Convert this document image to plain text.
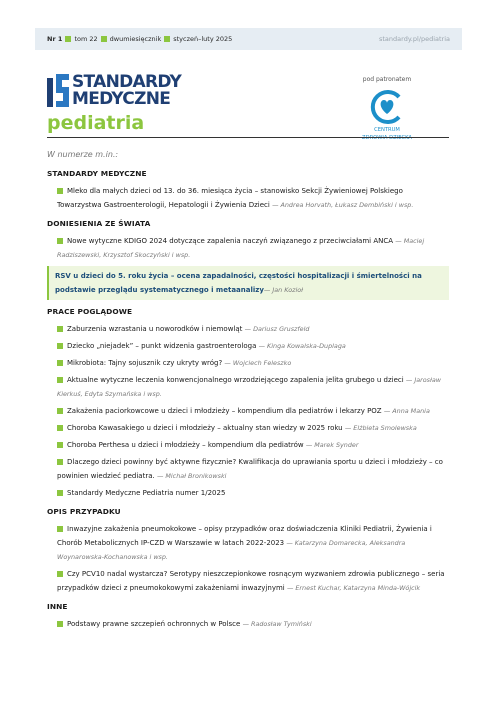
Nr 1 tom 22 dwumiesięcznik styczeń–luty 2025	standardy.pl/pediatria
STANDARDY
MEDYCZNE
pediatria
pod patronatem
CENTRUM
W numerze m.in.:
STANDARDY MEDYCZNE
Mleko dla małych dzieci od 13. do 36. miesiąca życia – stanowisko Sekcji Żywieniowej Polskiego Towarzystwa Gastroenterologii, Hepatologii i Żywienia Dzieci — Andrea Horvath, Łukasz Dembiński i wsp.
DONIESIENIA ZE ŚWIATA
Nowe wytyczne KDIGO 2024 dotyczące zapalenia naczyń związanego z przeciwciałami ANCA — Maciej Radziszewski, Krzysztof Skoczyński i wsp.
RSV u dzieci do 5. roku życia – ocena zapadalności, częstości hospitalizacji i śmiertelności na podstawie przeglądu systematycznego i metaanalizy— Jan Kozioł
PRACE POGLĄDOWE
Zaburzenia wzrastania u noworodków i niemowląt — Dariusz Gruszfeld
Dziecko „niejadek” – punkt widzenia gastroenterologa — Kinga Kowalska-Duplaga
Mikrobiota: Tajny sojusznik czy ukryty wróg? — Wojciech Feleszko
Aktualne wytyczne leczenia konwencjonalnego wrzodziejącego zapalenia jelita grubego u dzieci — Jarosław Kierkuś, Edyta Szymańska i wsp.
Zakażenia paciorkowcowe u dzieci i młodzieży – kompendium dla pediatrów i lekarzy POZ — Anna Mania
Choroba Kawasakiego u dzieci i młodzieży – aktualny stan wiedzy w 2025 roku — Elżbieta Smolewska
Choroba Perthesa u dzieci i młodzieży – kompendium dla pediatrów — Marek Synder
Dlaczego dzieci powinny być aktywne fizycznie? Kwalifikacja do uprawiania sportu u dzieci i młodzieży – co powinien wiedzieć pediatra. — Michał Bronikowski
Standardy Medyczne Pediatria numer 1/2025
OPIS PRZYPADKU
Inwazyjne zakażenia pneumokokowe – opisy przypadków oraz doświadczenia Kliniki Pediatrii, Żywienia i Chorób Metabolicznych IP-CZD w Warszawie w latach 2022-2023 — Katarzyna Domarecka, Aleksandra Woynarowska-Kochanowska i wsp.
Czy PCV10 nadal wystarcza? Serotypy nieszczepionkowe rosnącym wyzwaniem zdrowia publicznego – seria przypadków dzieci z pneumokokowymi zakażeniami inwazyjnymi — Ernest Kuchar, Katarzyna Minda-Wójcik
INNE
Podstawy prawne szczepień ochronnych w Polsce — Radosław Tymiński
